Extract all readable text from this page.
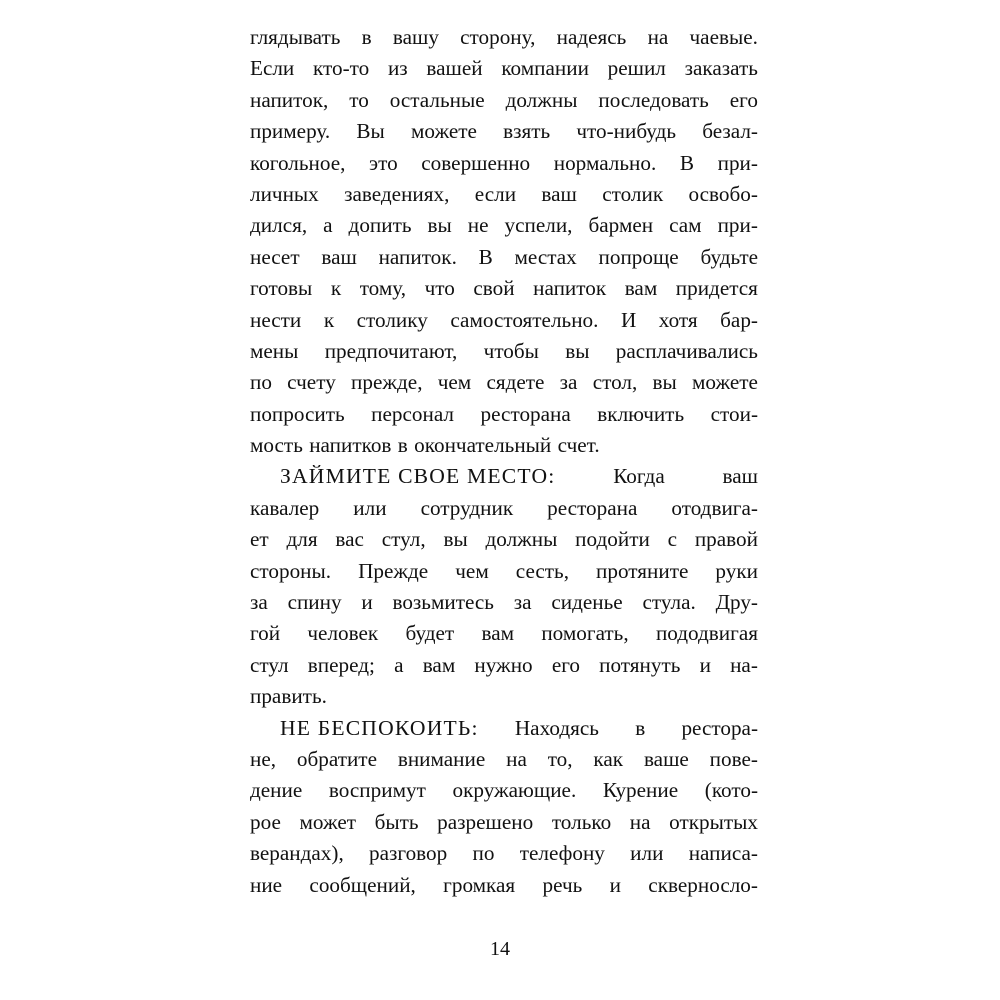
глядывать в вашу сторону, надеясь на чаевые.
Если кто-то из вашей компании решил заказать
напиток, то остальные должны последовать его
примеру. Вы можете взять что-нибудь безал-
когольное, это совершенно нормально. В при-
личных заведениях, если ваш столик освобо-
дился, а допить вы не успели, бармен сам при-
несет ваш напиток. В местах попроще будьте
готовы к тому, что свой напиток вам придется
нести к столику самостоятельно. И хотя бар-
мены предпочитают, чтобы вы расплачивались
по счету прежде, чем сядете за стол, вы можете
попросить персонал ресторана включить стои-
мость напитков в окончательный счет.
ЗАЙМИТЕ СВОЕ МЕСТО:	Когда	ваш
кавалер или сотрудник ресторана отодвига-
ет для вас стул, вы должны подойти с правой
стороны. Прежде чем сесть, протяните руки
за спину и возьмитесь за сиденье стула. Дру-
гой человек будет вам помогать, пододвигая
стул вперед; а вам нужно его потянуть и на-
править.
НЕ БЕСПОКОИТЬ: Находясь в ресторa-
не, обратите внимание на то, как ваше пове-
дение воспримут окружающие. Курение (кото-
рое может быть разрешено только на открытых
верандах), разговор по телефону или написа-
ние сообщений, громкая речь и скверносло-
14
